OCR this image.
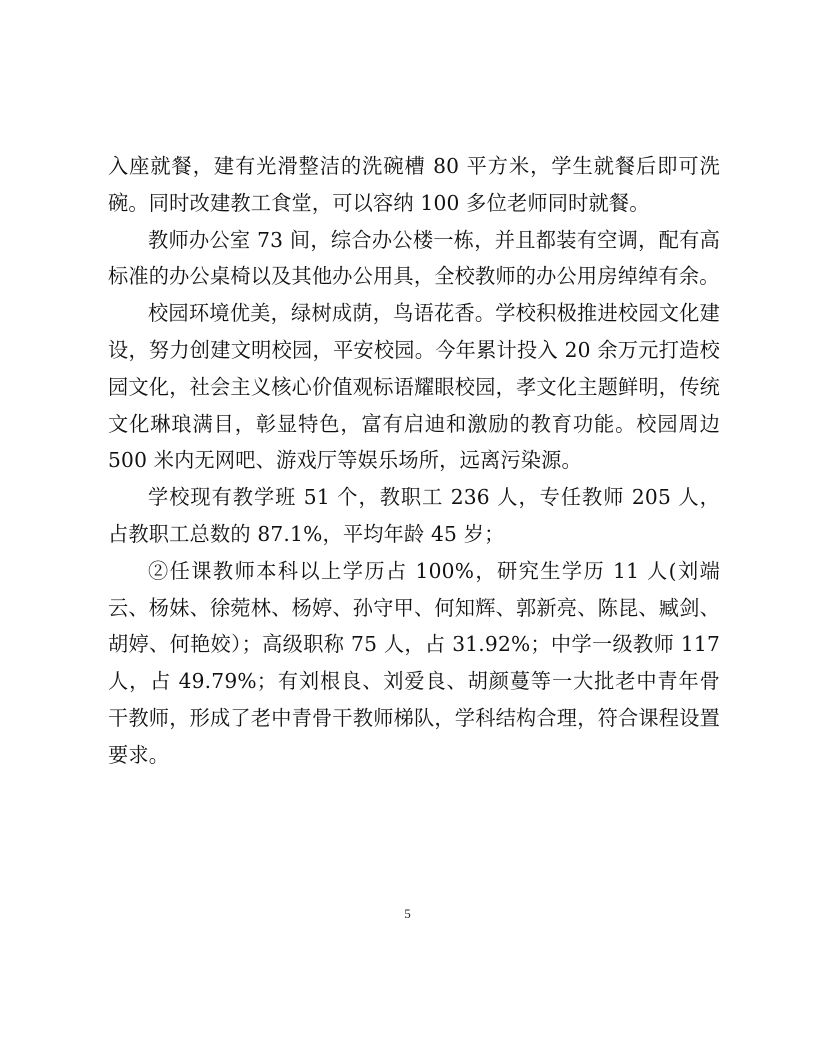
入座就餐，建有光滑整洁的洗碗槽 80 平方米，学生就餐后即可洗碗。同时改建教工食堂，可以容纳 100 多位老师同时就餐。

教师办公室 73 间，综合办公楼一栋，并且都装有空调，配有高标准的办公桌椅以及其他办公用具，全校教师的办公用房绰绰有余。

校园环境优美，绿树成荫，鸟语花香。学校积极推进校园文化建设，努力创建文明校园，平安校园。今年累计投入 20 余万元打造校园文化，社会主义核心价值观标语耀眼校园，孝文化主题鲜明，传统文化琳琅满目，彰显特色，富有启迪和激励的教育功能。校园周边 500 米内无网吧、游戏厅等娱乐场所，远离污染源。

学校现有教学班 51 个，教职工 236 人，专任教师 205 人，占教职工总数的 87.1%，平均年龄 45 岁；

②任课教师本科以上学历占 100%，研究生学历 11 人(刘端云、杨妹、徐菀林、杨婷、孙守甲、何知辉、郭新亮、陈昆、臧剑、胡婷、何艳姣）；高级职称 75 人，占 31.92%；中学一级教师 117 人，占 49.79%；有刘根良、刘爱良、胡颜蔓等一大批老中青年骨干教师，形成了老中青骨干教师梯队，学科结构合理，符合课程设置要求。

5
